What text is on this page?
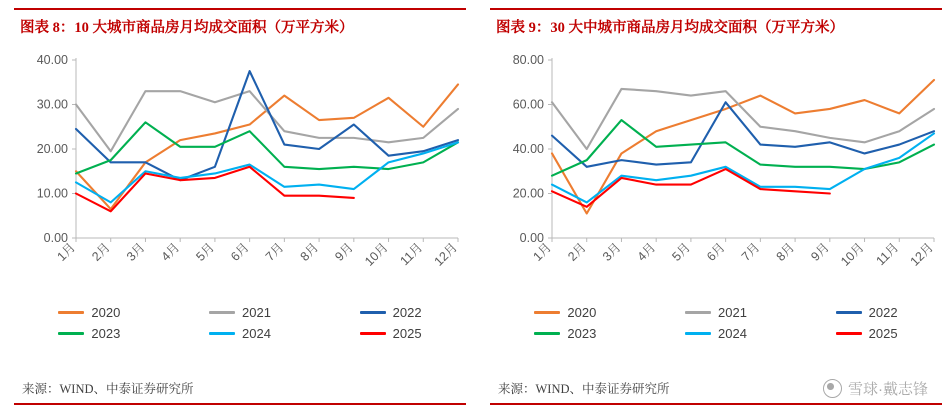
图表 8：10 大城市商品房月均成交面积（万平方米）
0.00
10.00
20.00
30.00
40.00
1月 2月 3月 4月 5月 6月 7月 8月 9月 10月 11月 12月
2020	2021	2022
2023	2024	2025
来源：WIND、中泰证券研究所
图表 9：30 大中城市商品房月均成交面积（万平方米）
0.00
20.00
40.00
60.00
80.00
1月 2月 3月 4月 5月 6月 7月 8月 9月 10月 11月 12月
2020	2021	2022
2023	2024	2025
来源：WIND、中泰证券研究所	雪球·戴志锋
